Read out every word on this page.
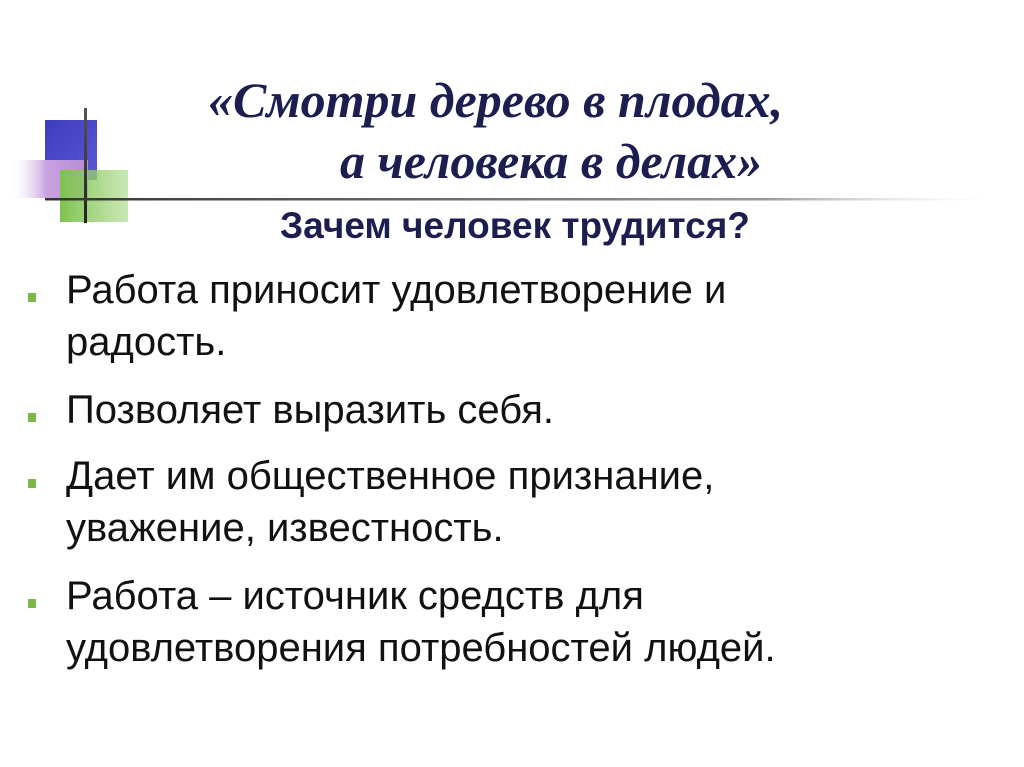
«Смотри дерево в плодах,
а человека в делах»
Зачем человек трудится?
Работа приносит удовлетворение и
радость.
Позволяет выразить себя.
Дает им общественное признание,
уважение, известность.
Работа – источник средств для
удовлетворения потребностей людей.
